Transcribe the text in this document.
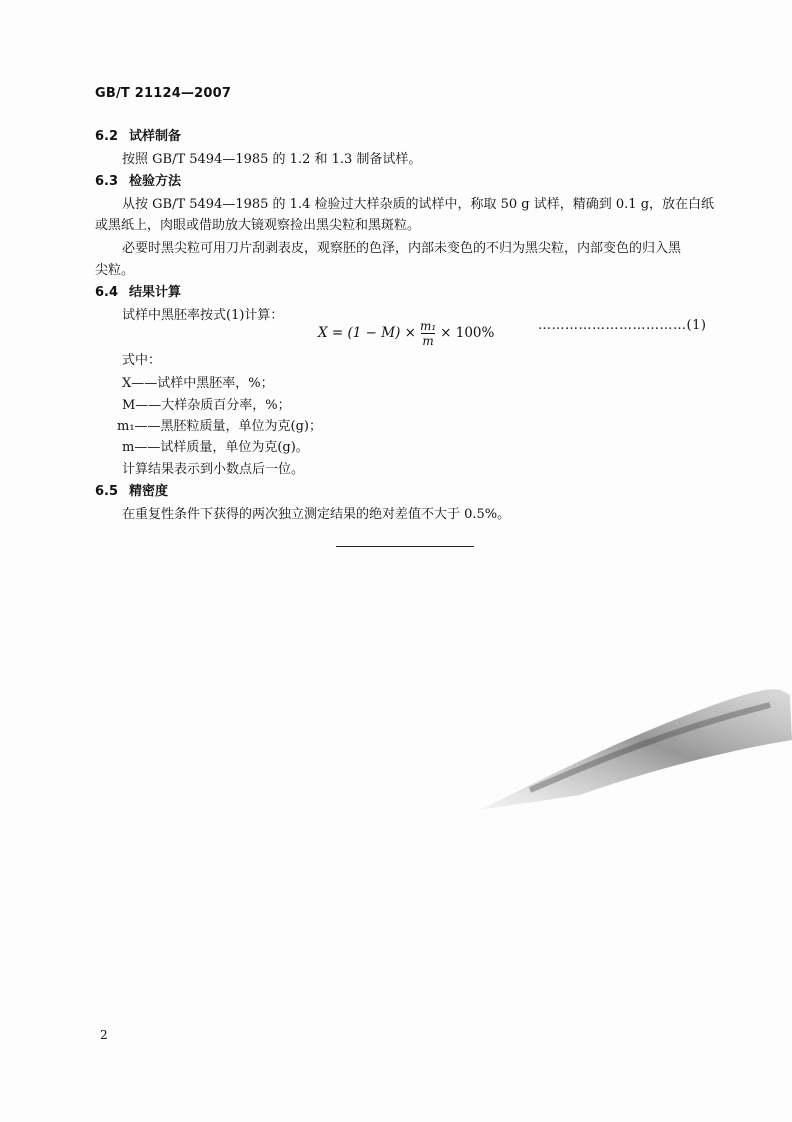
GB/T 21124—2007
6.2 试样制备
按照 GB/T 5494—1985 的 1.2 和 1.3 制备试样。
6.3 检验方法
从按 GB/T 5494—1985 的 1.4 检验过大样杂质的试样中，称取 50 g 试样，精确到 0.1 g，放在白纸
或黑纸上，肉眼或借助放大镜观察捡出黑尖粒和黑斑粒。
必要时黑尖粒可用刀片刮剥表皮，观察胚的色泽，内部未变色的不归为黑尖粒，内部变色的归入黑
尖粒。
6.4 结果计算
试样中黑胚率按式(1)计算：
$X = (1 - M) \times \frac{\text{m₁}}{m} \times 100\%$	……………………………(1)
式中：
X——试样中黑胚率，%；
M——大样杂质百分率，%；
m₁——黑胚粒质量，单位为克(g)；
m——试样质量，单位为克(g)。
计算结果表示到小数点后一位。
6.5 精密度
在重复性条件下获得的两次独立测定结果的绝对差值不大于 0.5%。
2
